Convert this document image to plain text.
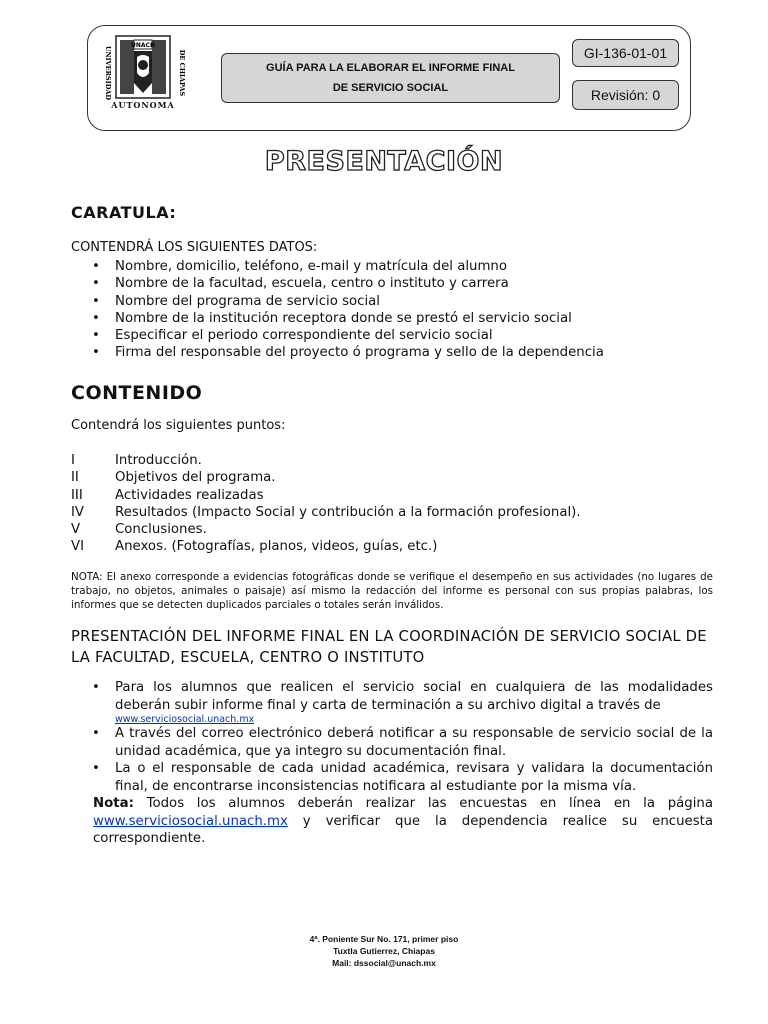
UNIVERSIDAD	DE CHIAPAS
UNACH
AUTONOMA
GUÍA PARA LA ELABORAR EL INFORME FINAL
DE SERVICIO SOCIAL
GI-136-01-01
Revisión: 0
PRESENTACIÓN
CARATULA:
CONTENDRÁ LOS SIGUIENTES DATOS:
• Nombre, domicilio, teléfono, e-mail y matrícula del alumno
• Nombre de la facultad, escuela, centro o instituto y carrera
• Nombre del programa de servicio social
• Nombre de la institución receptora donde se prestó el servicio social
• Especificar el periodo correspondiente del servicio social
• Firma del responsable del proyecto ó programa y sello de la dependencia
CONTENIDO
Contendrá los siguientes puntos:
I	Introducción.
II	Objetivos del programa.
III	Actividades realizadas
IV	Resultados (Impacto Social y contribución a la formación profesional).
V	Conclusiones.
VI	Anexos. (Fotografías, planos, videos, guías, etc.)
NOTA: El anexo corresponde a evidencias fotográficas donde se verifique el desempeño en sus actividades (no lugares de trabajo, no objetos, animales o paisaje) así mismo la redacción del informe es personal con sus propias palabras, los informes que se detecten duplicados parciales o totales serán inválidos.
PRESENTACIÓN DEL INFORME FINAL EN LA COORDINACIÓN DE SERVICIO SOCIAL DE LA FACULTAD, ESCUELA, CENTRO O INSTITUTO
• Para los alumnos que realicen el servicio social en cualquiera de las modalidades deberán subir informe final y carta de terminación a su archivo digital a través de
www.serviciosocial.unach.mx
• A través del correo electrónico deberá notificar a su responsable de servicio social de la unidad académica, que ya integro su documentación final.
• La o el responsable de cada unidad académica, revisara y validara la documentación final, de encontrarse inconsistencias notificara al estudiante por la misma vía.
Nota: Todos los alumnos deberán realizar las encuestas en línea en la página www.serviciosocial.unach.mx y verificar que la dependencia realice su encuesta correspondiente.
4ª. Poniente Sur No. 171, primer piso
Tuxtla Gutierrez, Chiapas
Mail: dssocial@unach.mx
